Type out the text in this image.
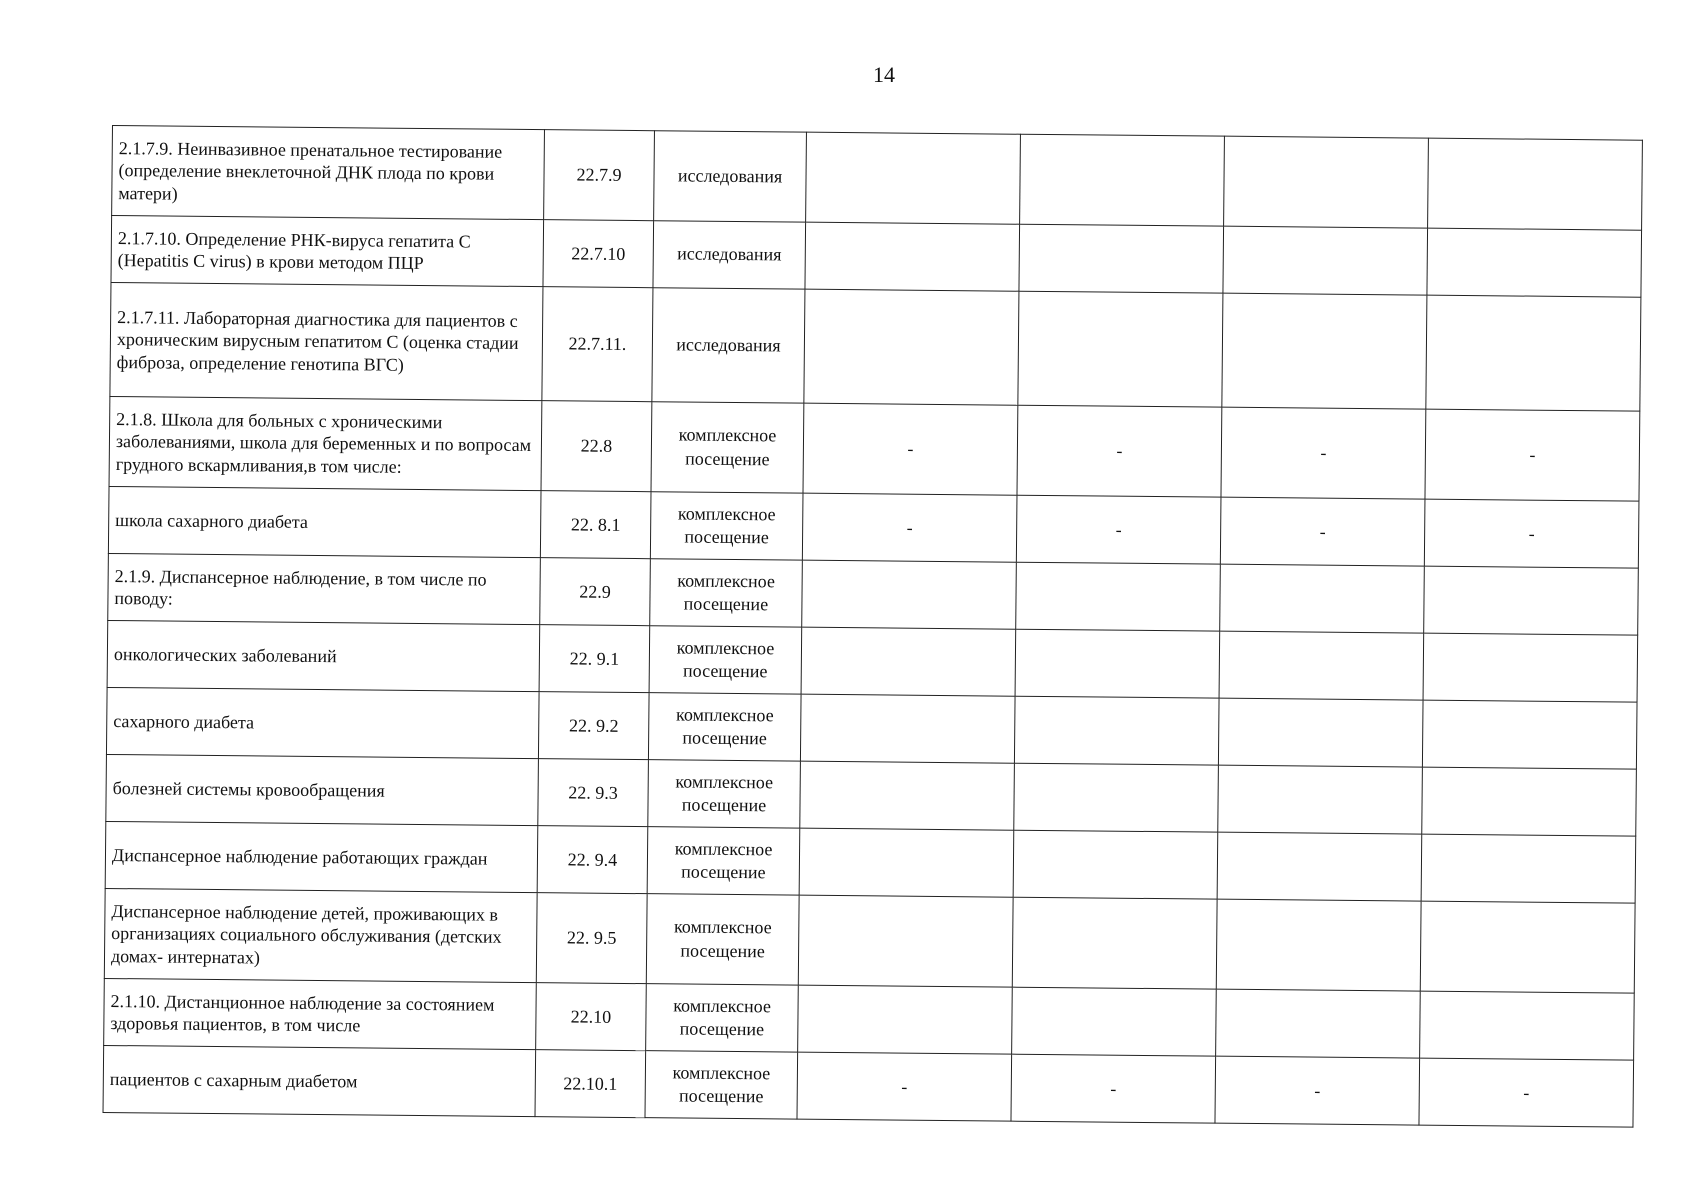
14
2.1.7.9. Неинвазивное пренатальное тестирование (определение внеклеточной ДНК плода по крови матери)	22.7.9	исследования				
2.1.7.10. Определение РНК-вируса гепатита С (Hepatitis С virus) в крови методом ПЦР	22.7.10	исследования				
2.1.7.11. Лабораторная диагностика для пациентов с хроническим вирусным гепатитом С (оценка стадии фиброза, определение генотипа ВГС)	22.7.11.	исследования				
2.1.8. Школа для больных с хроническими заболеваниями, школа для беременных и по вопросам грудного вскармливания,в том числе:	22.8	комплексное посещение	-	-	-	-
школа сахарного диабета	22. 8.1	комплексное посещение	-	-	-	-
2.1.9. Диспансерное наблюдение, в том числе по поводу:	22.9	комплексное посещение				
онкологических заболеваний	22. 9.1	комплексное посещение				
сахарного диабета	22. 9.2	комплексное посещение				
болезней системы кровообращения	22. 9.3	комплексное посещение				
Диспансерное наблюдение работающих граждан	22. 9.4	комплексное посещение				
Диспансерное наблюдение детей, проживающих в организациях социального обслуживания (детских домах- интернатах)	22. 9.5	комплексное посещение				
2.1.10. Дистанционное наблюдение за состоянием здоровья пациентов, в том числе	22.10	комплексное посещение				
пациентов с сахарным диабетом	22.10.1	комплексное посещение	-	-	-	-
